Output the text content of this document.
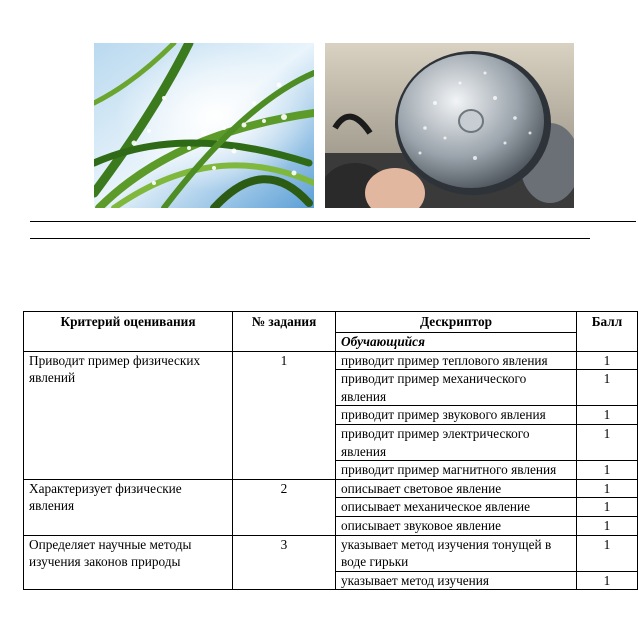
Критерий оценивания	№ задания	Дескриптор	Балл
		Обучающийся	
Приводит пример физических явлений	1	приводит пример теплового явления	1
		приводит пример механического явления	1
		приводит пример звукового явления	1
		приводит пример электрического явления	1
		приводит пример магнитного явления	1
Характеризует физические явления	2	описывает световое явление	1
		описывает механическое явление	1
		описывает звуковое явление	1
Определяет научные методы изучения законов природы	3	указывает метод изучения тонущей в воде гирьки	1
		указывает метод изучения	1
